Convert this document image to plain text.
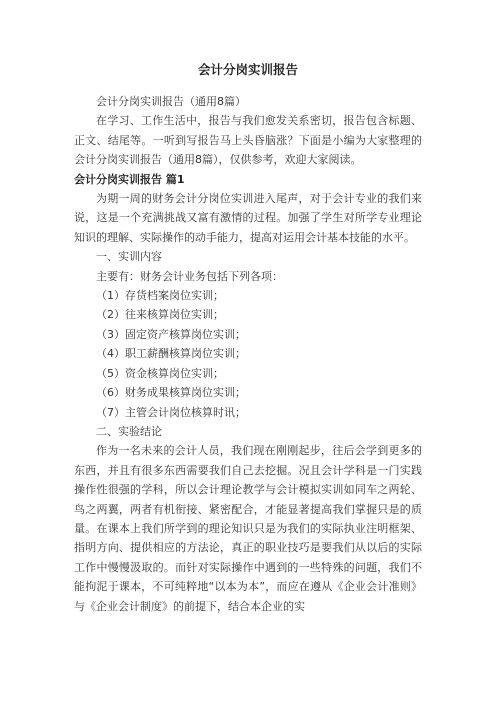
会计分岗实训报告

会计分岗实训报告（通用8篇）

在学习、工作生活中，报告与我们愈发关系密切，报告包含标题、正文、结尾等。一听到写报告马上头昏脑涨？下面是小编为大家整理的会计分岗实训报告（通用8篇），仅供参考，欢迎大家阅读。

会计分岗实训报告 篇1

为期一周的财务会计分岗位实训进入尾声，对于会计专业的我们来说，这是一个充满挑战又富有激情的过程。加强了学生对所学专业理论知识的理解、实际操作的动手能力，提高对运用会计基本技能的水平。

一、实训内容

主要有：财务会计业务包括下列各项：

（1）存货档案岗位实训；

（2）往来核算岗位实训；

（3）固定资产核算岗位实训；

（4）职工薪酬核算岗位实训；

（5）资金核算岗位实训；

（6）财务成果核算岗位实训；

（7）主管会计岗位核算时讯；

二、实验结论

作为一名未来的会计人员，我们现在刚刚起步，往后会学到更多的东西，并且有很多东西需要我们自己去挖掘。况且会计学科是一门实践操作性很强的学科，所以会计理论教学与会计模拟实训如同车之两轮、鸟之两翼，两者有机衔接、紧密配合，才能显著提高我们掌握只是的质量。在课本上我们所学到的理论知识只是为我们的实际执业注明框架、指明方向、提供相应的方法论，真正的职业技巧是要我们从以后的实际工作中慢慢汲取的。而针对实际操作中遇到的一些特殊的问题，我们不能拘泥于课本，不可纯粹地“以本为本”，而应在遵从《企业会计准则》与《企业会计制度》的前提下，结合本企业的实
